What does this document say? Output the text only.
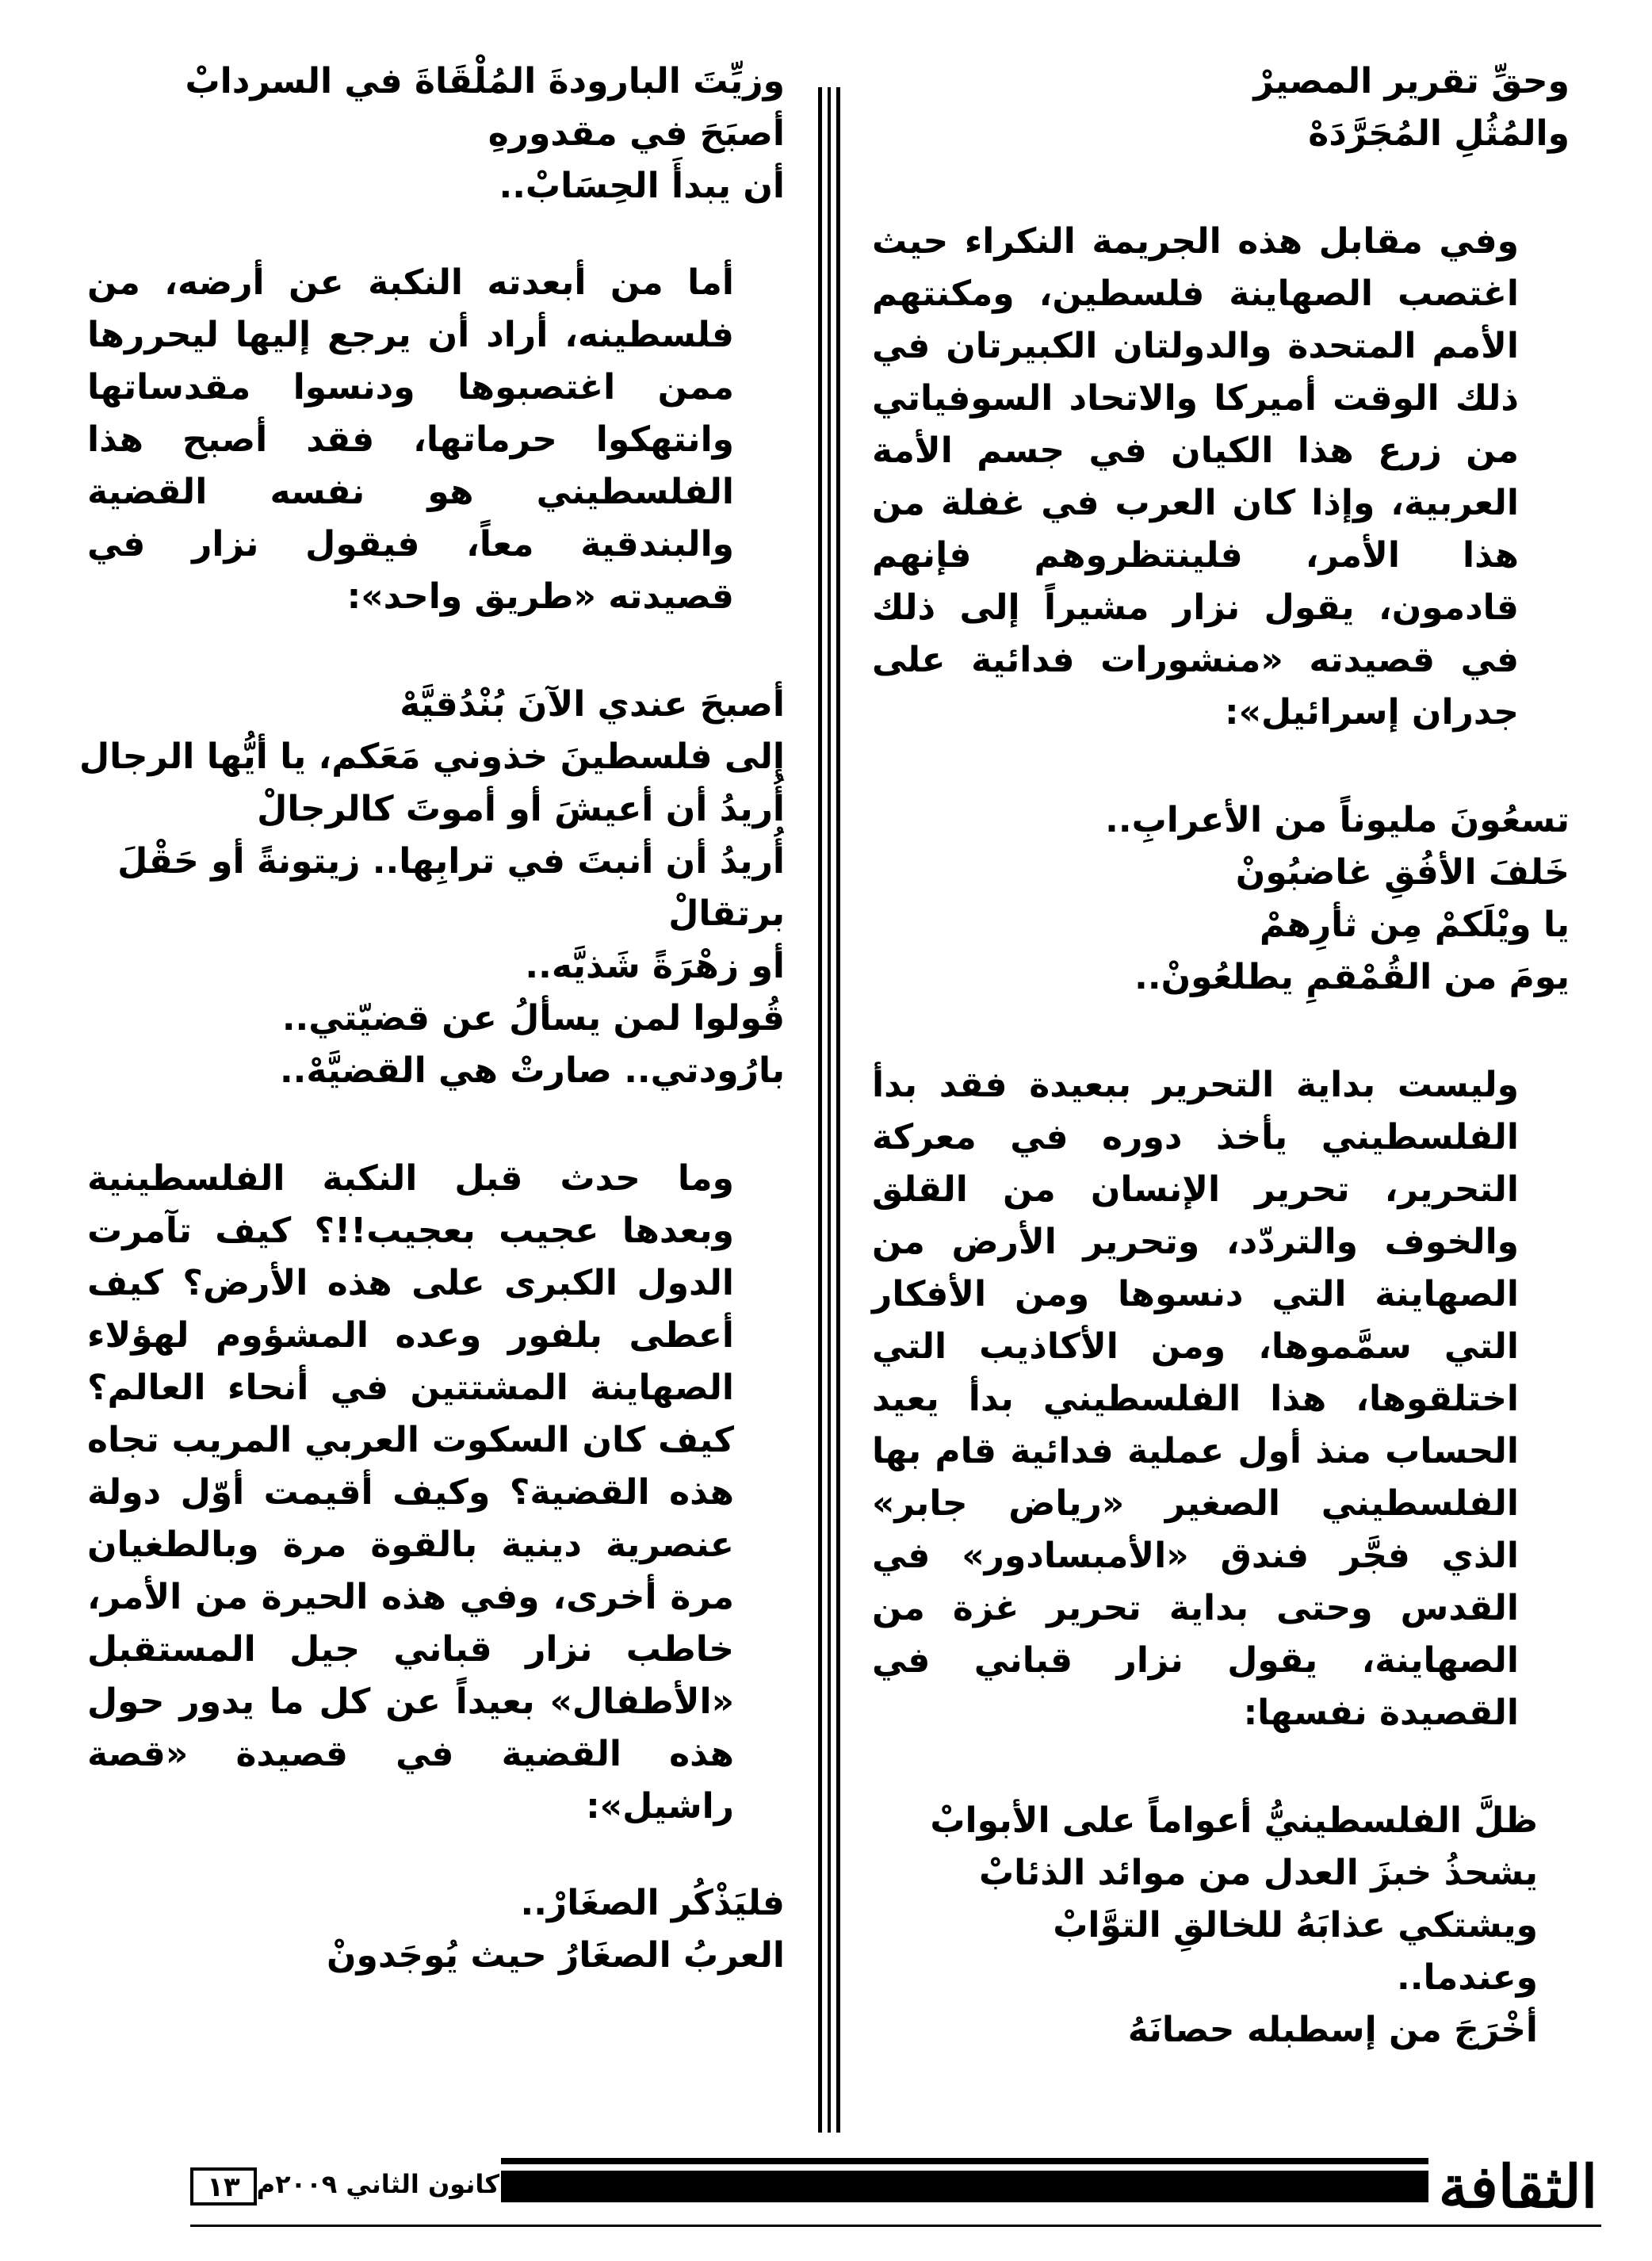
وحقِّ تقرير المصيرْ
والمُثُلِ المُجَرَّدَهْ

وفي مقابل هذه الجريمة النكراء حيث اغتصب الصهاينة فلسطين، ومكنتهم الأمم المتحدة والدولتان الكبيرتان في ذلك الوقت أميركا والاتحاد السوفياتي من زرع هذا الكيان في جسم الأمة العربية، وإذا كان العرب في غفلة من هذا الأمر، فلينتظروهم فإنهم قادمون، يقول نزار مشيراً إلى ذلك في قصيدته «منشورات فدائية على جدران إسرائيل»:

تسعُونَ مليوناً من الأعرابِ..
خَلفَ الأفُقِ غاضبُونْ
يا ويْلَكمْ مِن ثأرِهمْ
يومَ من القُمْقمِ يطلعُونْ..

وليست بداية التحرير ببعيدة فقد بدأ الفلسطيني يأخذ دوره في معركة التحرير، تحرير الإنسان من القلق والخوف والتردّد، وتحرير الأرض من الصهاينة التي دنسوها ومن الأفكار التي سمَّموها، ومن الأكاذيب التي اختلقوها، هذا الفلسطيني بدأ يعيد الحساب منذ أول عملية فدائية قام بها الفلسطيني الصغير «رياض جابر» الذي فجَّر فندق «الأمبسادور» في القدس وحتى بداية تحرير غزة من الصهاينة، يقول نزار قباني في القصيدة نفسها:

ظلَّ الفلسطينيُّ أعواماً على الأبوابْ
يشحذُ خبزَ العدل من موائد الذئابْ
ويشتكي عذابَهُ للخالقِ التوَّابْ
وعندما..
أخْرَجَ من إسطبله حصانَهُ
وزيِّتَ البارودةَ المُلْقَاةَ في السردابْ
أصبَحَ في مقدورهِ
أن يبدأَ الحِسَابْ..

أما من أبعدته النكبة عن أرضه، من فلسطينه، أراد أن يرجع إليها ليحررها ممن اغتصبوها ودنسوا مقدساتها وانتهكوا حرماتها، فقد أصبح هذا الفلسطيني هو نفسه القضية والبندقية معاً، فيقول نزار في قصيدته «طريق واحد»:

أصبحَ عندي الآنَ بُنْدُقيَّهْ
إلى فلسطينَ خذوني مَعَكم، يا أيُّها الرجال
أُريدُ أن أعيشَ أو أموتَ كالرجالْ
أُريدُ أن أنبتَ في ترابِها.. زيتونةً أو حَقْلَ برتقالْ
أو زهْرَةً شَذيَّه..
قُولوا لمن يسألُ عن قضيّتي..
بارُودتي.. صارتْ هي القضيَّهْ..

وما حدث قبل النكبة الفلسطينية وبعدها عجيب بعجيب!!؟ كيف تآمرت الدول الكبرى على هذه الأرض؟ كيف أعطى بلفور وعده المشؤوم لهؤلاء الصهاينة المشتتين في أنحاء العالم؟ كيف كان السكوت العربي المريب تجاه هذه القضية؟ وكيف أقيمت أوّل دولة عنصرية دينية بالقوة مرة وبالطغيان مرة أخرى، وفي هذه الحيرة من الأمر، خاطب نزار قباني جيل المستقبل «الأطفال» بعيداً عن كل ما يدور حول هذه القضية في قصيدة «قصة راشيل»:

فليَذْكُر الصغَارْ..
العربُ الصغَارُ حيث يُوجَدونْ
١٣ كانون الثاني ٢٠٠٩م	الثقافة
